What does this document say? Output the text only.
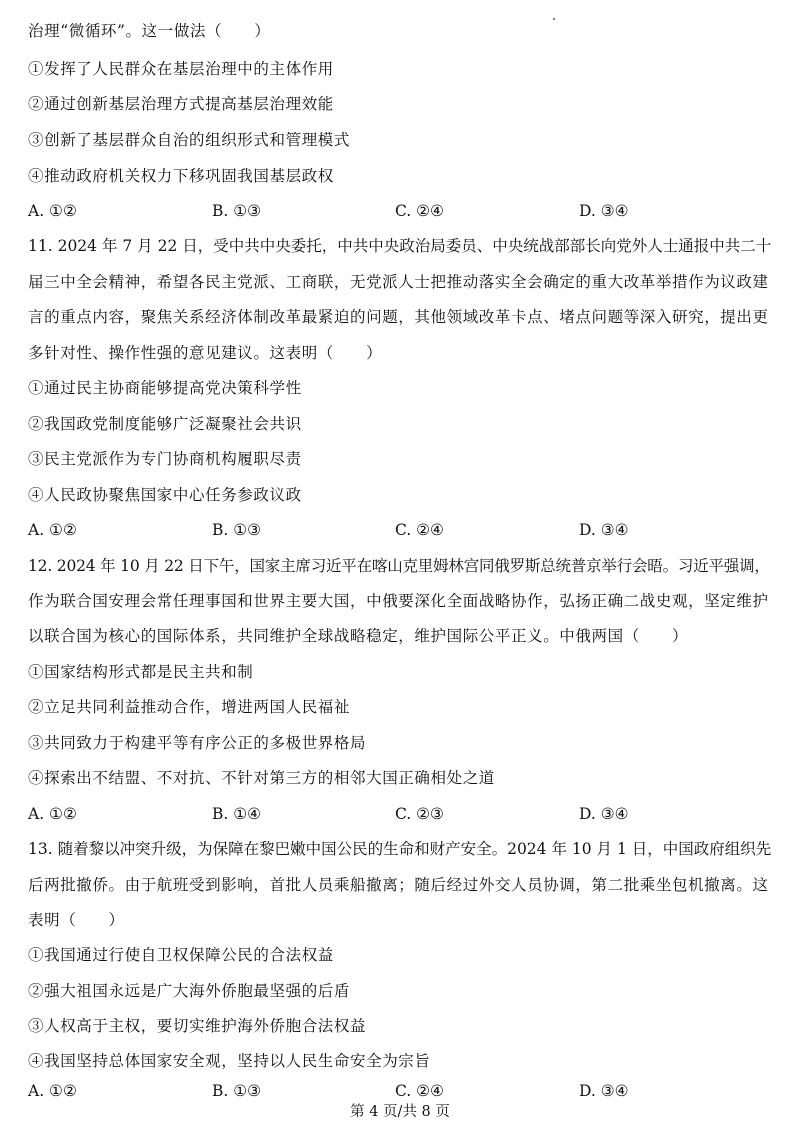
治理“微循环”。这一做法（　　）
①发挥了人民群众在基层治理中的主体作用
②通过创新基层治理方式提高基层治理效能
③创新了基层群众自治的组织形式和管理模式
④推动政府机关权力下移巩固我国基层政权
A. ①②	B. ①③	C. ②④	D. ③④
11. 2024 年 7 月 22 日，受中共中央委托，中共中央政治局委员、中央统战部部长向党外人士通报中共二十
届三中全会精神，希望各民主党派、工商联，无党派人士把推动落实全会确定的重大改革举措作为议政建
言的重点内容，聚焦关系经济体制改革最紧迫的问题，其他领域改革卡点、堵点问题等深入研究，提出更
多针对性、操作性强的意见建议。这表明（　　）
①通过民主协商能够提高党决策科学性
②我国政党制度能够广泛凝聚社会共识
③民主党派作为专门协商机构履职尽责
④人民政协聚焦国家中心任务参政议政
A. ①②	B. ①③	C. ②④	D. ③④
12. 2024 年 10 月 22 日下午，国家主席习近平在喀山克里姆林宫同俄罗斯总统普京举行会晤。习近平强调，
作为联合国安理会常任理事国和世界主要大国，中俄要深化全面战略协作，弘扬正确二战史观，坚定维护
以联合国为核心的国际体系，共同维护全球战略稳定，维护国际公平正义。中俄两国（　　）
①国家结构形式都是民主共和制
②立足共同利益推动合作，增进两国人民福祉
③共同致力于构建平等有序公正的多极世界格局
④探索出不结盟、不对抗、不针对第三方的相邻大国正确相处之道
A. ①②	B. ①④	C. ②③	D. ③④
13. 随着黎以冲突升级，为保障在黎巴嫩中国公民的生命和财产安全。2024 年 10 月 1 日，中国政府组织先
后两批撤侨。由于航班受到影响，首批人员乘船撤离；随后经过外交人员协调，第二批乘坐包机撤离。这
表明（　　）
①我国通过行使自卫权保障公民的合法权益
②强大祖国永远是广大海外侨胞最坚强的后盾
③人权高于主权，要切实维护海外侨胞合法权益
④我国坚持总体国家安全观，坚持以人民生命安全为宗旨
A. ①②	B. ①③	C. ②④	D. ③④
第 4 页/共 8 页
